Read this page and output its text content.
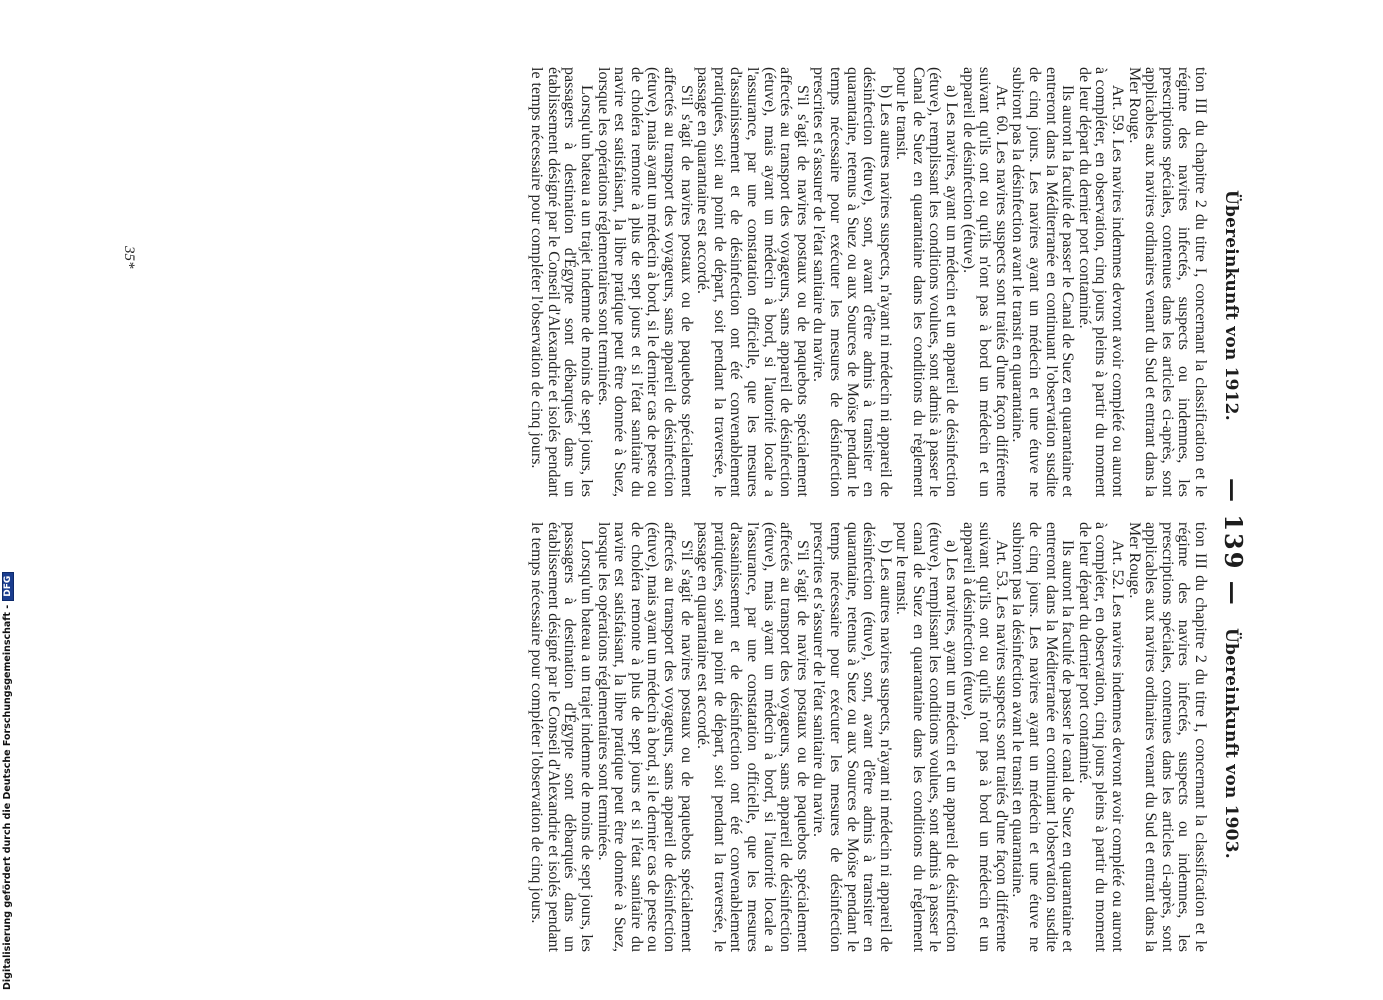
Übereinkunft von 1912.
— 139 —
Übereinkunft von 1903.

tion III du chapitre 2 du titre I, concernant la classification et le régime des navires infectés, suspects ou indemnes, les prescriptions spéciales, contenues dans les articles ci-après, sont applicables aux navires ordinaires venant du Sud et entrant dans la Mer Rouge.

Art. 59. Les navires indemnes devront avoir complété ou auront à compléter, en observation, cinq jours pleins à partir du moment de leur départ du dernier port contaminé.

Ils auront la faculté de passer le Canal de Suez en quarantaine et entreront dans la Méditerranée en continuant l'observation susdite de cinq jours. Les navires ayant un médecin et une étuve ne subiront pas la désinfection avant le transit en quarantaine.

Art. 60. Les navires suspects sont traités d'une façon différente suivant qu'ils ont ou qu'ils n'ont pas à bord un médecin et un appareil de désinfection (étuve).

a) Les navires, ayant un médecin et un appareil de désinfection (étuve), remplissant les conditions voulues, sont admis à passer le Canal de Suez en quarantaine dans les conditions du règlement pour le transit.

b) Les autres navires suspects, n'ayant ni médecin ni appareil de désinfection (étuve), sont, avant d'être admis à transiter en quarantaine, retenus à Suez ou aux Sources de Moïse pendant le temps nécessaire pour exécuter les mesures de désinfection prescrites et s'assurer de l'état sanitaire du navire.

S'il s'agit de navires postaux ou de paquebots spécialement affectés au transport des voyageurs, sans appareil de désinfection (étuve), mais ayant un médecin à bord, si l'autorité locale a l'assurance, par une constatation officielle, que les mesures d'assainissement et de désinfection ont été convenablement pratiquées, soit au point de départ, soit pendant la traversée, le passage en quarantaine est accordé.

S'il s'agit de navires postaux ou de paquebots spécialement affectés au transport des voyageurs, sans appareil de désinfection (étuve), mais ayant un médecin à bord, si le dernier cas de peste ou de choléra remonte à plus de sept jours et si l'état sanitaire du navire est satisfaisant, la libre pratique peut être donnée à Suez, lorsque les opérations réglementaires sont terminées.

Lorsqu'un bateau a un trajet indemne de moins de sept jours, les passagers à destination d'Égypte sont débarqués dans un établissement désigné par le Conseil d'Alexandrie et isolés pendant le temps nécessaire pour compléter l'observation de cinq jours.

tion III du chapitre 2 du titre I, concernant la classification et le régime des navires infectés, suspects ou indemnes, les prescriptions spéciales, contenues dans les articles ci-après, sont applicables aux navires ordinaires venant du Sud et entrant dans la Mer Rouge.

Art. 52. Les navires indemnes devront avoir complété ou auront à compléter, en observation, cinq jours pleins à partir du moment de leur départ du dernier port contaminé.

Ils auront la faculté de passer le canal de Suez en quarantaine et entreront dans la Méditerranée en continuant l'observation susdite de cinq jours. Les navires ayant un médecin et une étuve ne subiront pas la désinfection avant le transit en quarantaine.

Art. 53. Les navires suspects sont traités d'une façon différente suivant qu'ils ont ou qu'ils n'ont pas à bord un médecin et un appareil à désinfection (étuve).

a) Les navires, ayant un médecin et un appareil de désinfection (étuve), remplissant les conditions voulues, sont admis à passer le canal de Suez en quarantaine dans les conditions du règlement pour le transit.

b) Les autres navires suspects, n'ayant ni médecin ni appareil de désinfection (étuve), sont, avant d'être admis à transiter en quarantaine, retenus à Suez ou aux Sources de Moïse pendant le temps nécessaire pour exécuter les mesures de désinfection prescrites et s'assurer de l'état sanitaire du navire.

S'il s'agit de navires postaux ou de paquebots spécialement affectés au transport des voyageurs, sans appareil de désinfection (étuve), mais ayant un médecin à bord, si l'autorité locale a l'assurance, par une constatation officielle, que les mesures d'assainissement et de désinfection ont été convenablement pratiquées, soit au point de départ, soit pendant la traversée, le passage en quarantaine est accordé.

S'il s'agit de navires postaux ou de paquebots spécialement affectés au transport des voyageurs, sans appareil de désinfection (étuve), mais ayant un médecin à bord, si le dernier cas de peste ou de choléra remonte à plus de sept jours et si l'état sanitaire du navire est satisfaisant, la libre pratique peut être donnée à Suez, lorsque les opérations réglementaires sont terminées.

Lorsqu'un bateau a un trajet indemne de moins de sept jours, les passagers à destination d'Égypte sont débarqués dans un établissement désigné par le Conseil d'Alexandrie et isolés pendant le temps nécessaire pour compléter l'observation de cinq jours.

35*
Digitalisierung gefördert durch die Deutsche Forschungsgemeinschaft -DFG
